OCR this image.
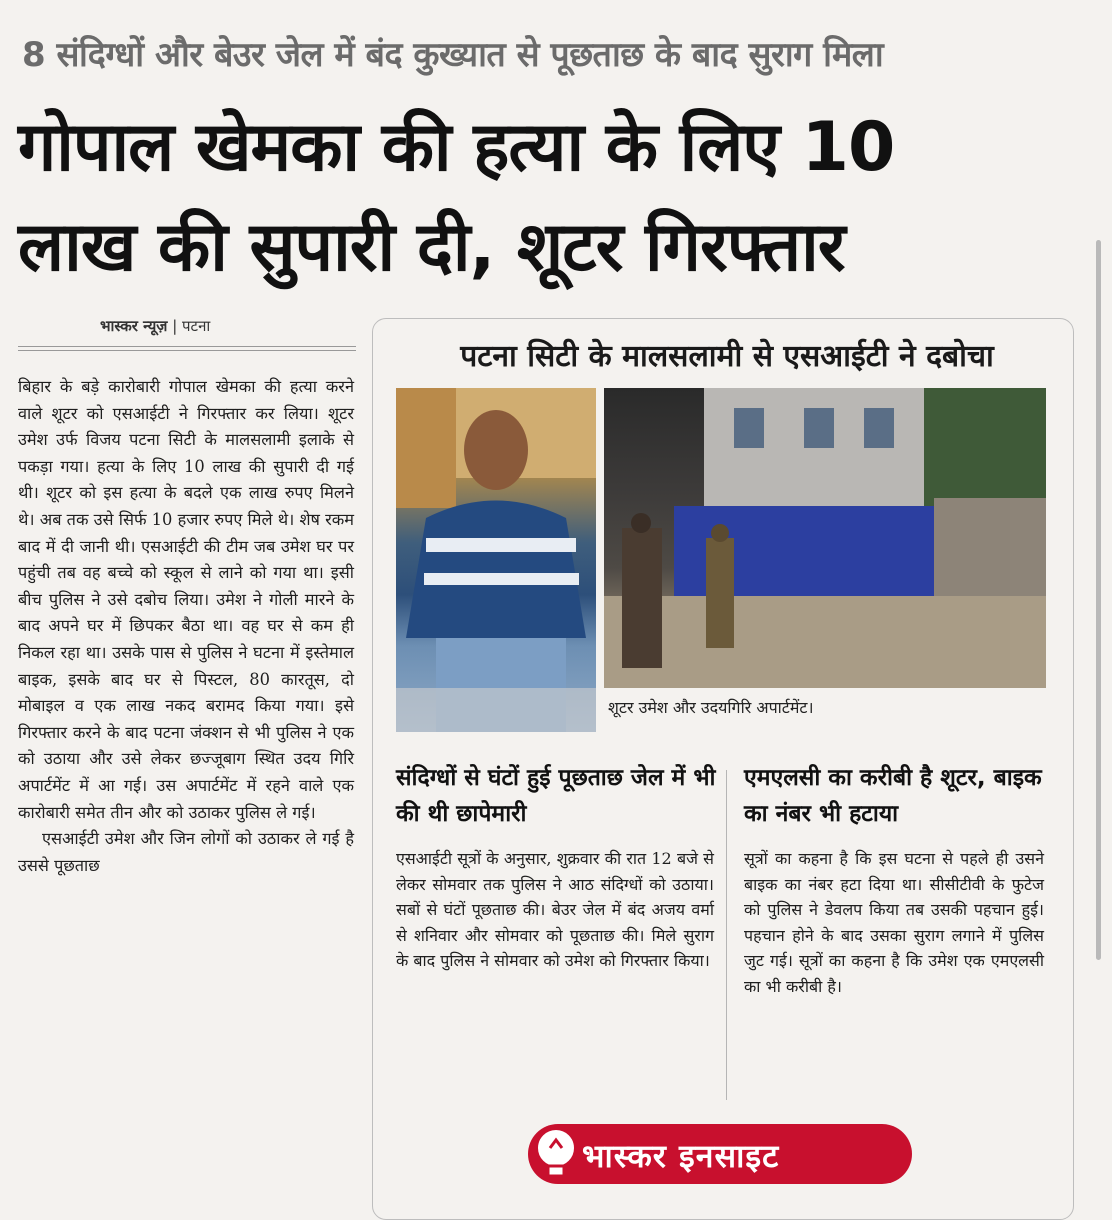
8 संदिग्धों और बेउर जेल में बंद कुख्यात से पूछताछ के बाद सुराग मिला
गोपाल खेमका की हत्या के लिए 10
लाख की सुपारी दी, शूटर गिरफ्तार
भास्कर न्यूज़ | पटना

बिहार के बड़े कारोबारी गोपाल खेमका की हत्या करने वाले शूटर को एसआईटी ने गिरफ्तार कर लिया। शूटर उमेश उर्फ विजय पटना सिटी के मालसलामी इलाके से पकड़ा गया। हत्या के लिए 10 लाख की सुपारी दी गई थी। शूटर को इस हत्या के बदले एक लाख रुपए मिलने थे। अब तक उसे सिर्फ 10 हजार रुपए मिले थे। शेष रकम बाद में दी जानी थी। एसआईटी की टीम जब उमेश घर पर पहुंची तब वह बच्चे को स्कूल से लाने को गया था। इसी बीच पुलिस ने उसे दबोच लिया। उमेश ने गोली मारने के बाद अपने घर में छिपकर बैठा था। वह घर से कम ही निकल रहा था। उसके पास से पुलिस ने घटना में इस्तेमाल बाइक, इसके बाद घर से पिस्टल, 80 कारतूस, दो मोबाइल व एक लाख नकद बरामद किया गया। इसे गिरफ्तार करने के बाद पटना जंक्शन से भी पुलिस ने एक को उठाया और उसे लेकर छज्जूबाग स्थित उदय गिरि अपार्टमेंट में आ गई। उस अपार्टमेंट में रहने वाले एक कारोबारी समेत तीन और को उठाकर पुलिस ले गई।

एसआईटी उमेश और जिन लोगों को उठाकर ले गई है उससे पूछताछ

पटना सिटी के मालसलामी से एसआईटी ने दबोचा
शूटर उमेश और उदयगिरि अपार्टमेंट।
संदिग्धों से घंटों हुई पूछताछ जेल में भी की थी छापेमारी
एसआईटी सूत्रों के अनुसार, शुक्रवार की रात 12 बजे से लेकर सोमवार तक पुलिस ने आठ संदिग्धों को उठाया। सबों से घंटों पूछताछ की। बेउर जेल में बंद अजय वर्मा से शनिवार और सोमवार को पूछताछ की। मिले सुराग के बाद पुलिस ने सोमवार को उमेश को गिरफ्तार किया।
एमएलसी का करीबी है शूटर, बाइक का नंबर भी हटाया
सूत्रों का कहना है कि इस घटना से पहले ही उसने बाइक का नंबर हटा दिया था। सीसीटीवी के फुटेज को पुलिस ने डेवलप किया तब उसकी पहचान हुई। पहचान होने के बाद उसका सुराग लगाने में पुलिस जुट गई। सूत्रों का कहना है कि उमेश एक एमएलसी का भी करीबी है।
भास्कर इनसाइट
